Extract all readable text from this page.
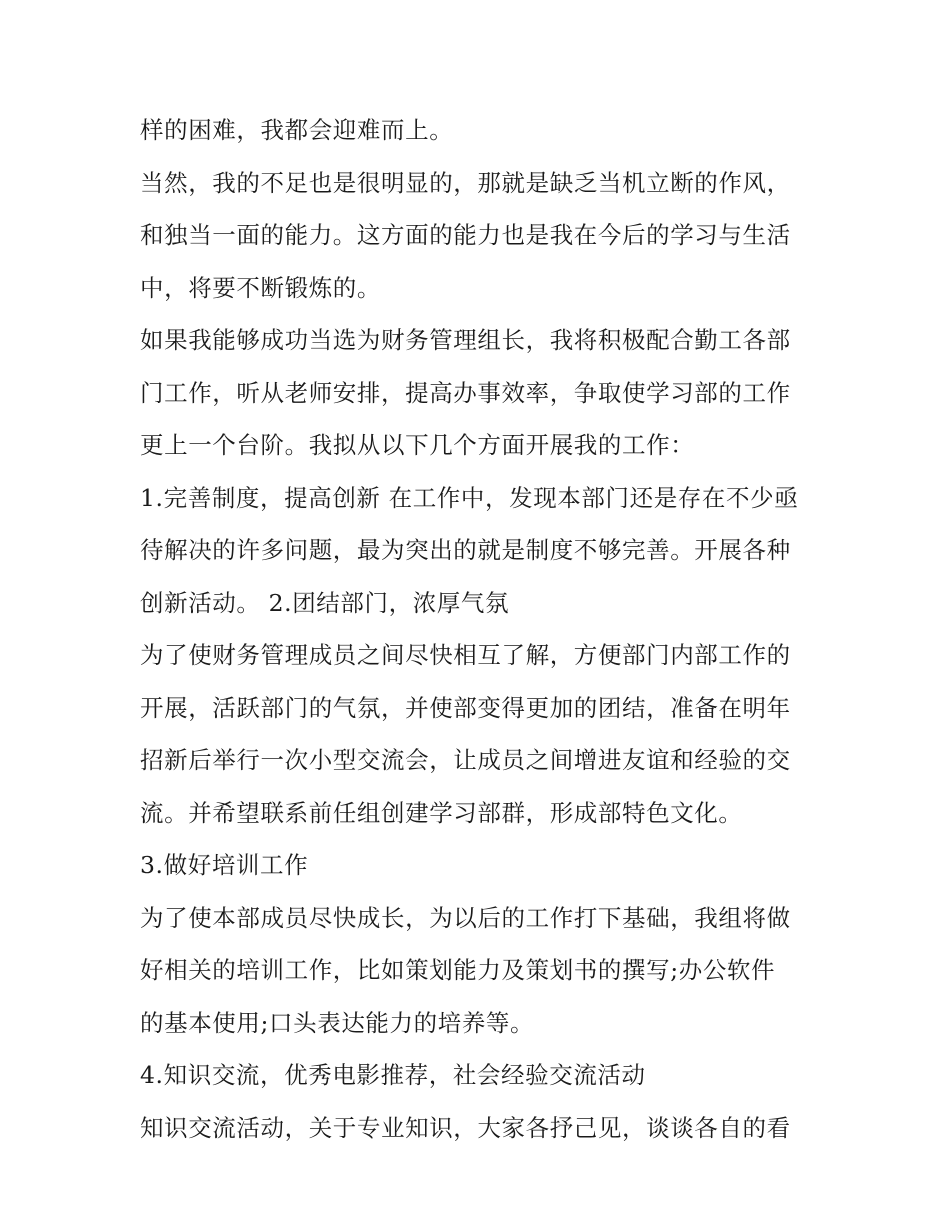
样的困难，我都会迎难而上。
当然，我的不足也是很明显的，那就是缺乏当机立断的作风，
和独当一面的能力。这方面的能力也是我在今后的学习与生活
中，将要不断锻炼的。
如果我能够成功当选为财务管理组长，我将积极配合勤工各部
门工作，听从老师安排，提高办事效率，争取使学习部的工作
更上一个台阶。我拟从以下几个方面开展我的工作：
1.完善制度，提高创新 在工作中，发现本部门还是存在不少亟
待解决的许多问题，最为突出的就是制度不够完善。开展各种
创新活动。 2.团结部门，浓厚气氛
为了使财务管理成员之间尽快相互了解，方便部门内部工作的
开展，活跃部门的气氛，并使部变得更加的团结，准备在明年
招新后举行一次小型交流会，让成员之间增进友谊和经验的交
流。并希望联系前任组创建学习部群，形成部特色文化。
3.做好培训工作
为了使本部成员尽快成长，为以后的工作打下基础，我组将做
好相关的培训工作，比如策划能力及策划书的撰写;办公软件
的基本使用;口头表达能力的培养等。
4.知识交流，优秀电影推荐，社会经验交流活动
知识交流活动，关于专业知识，大家各抒己见，谈谈各自的看
